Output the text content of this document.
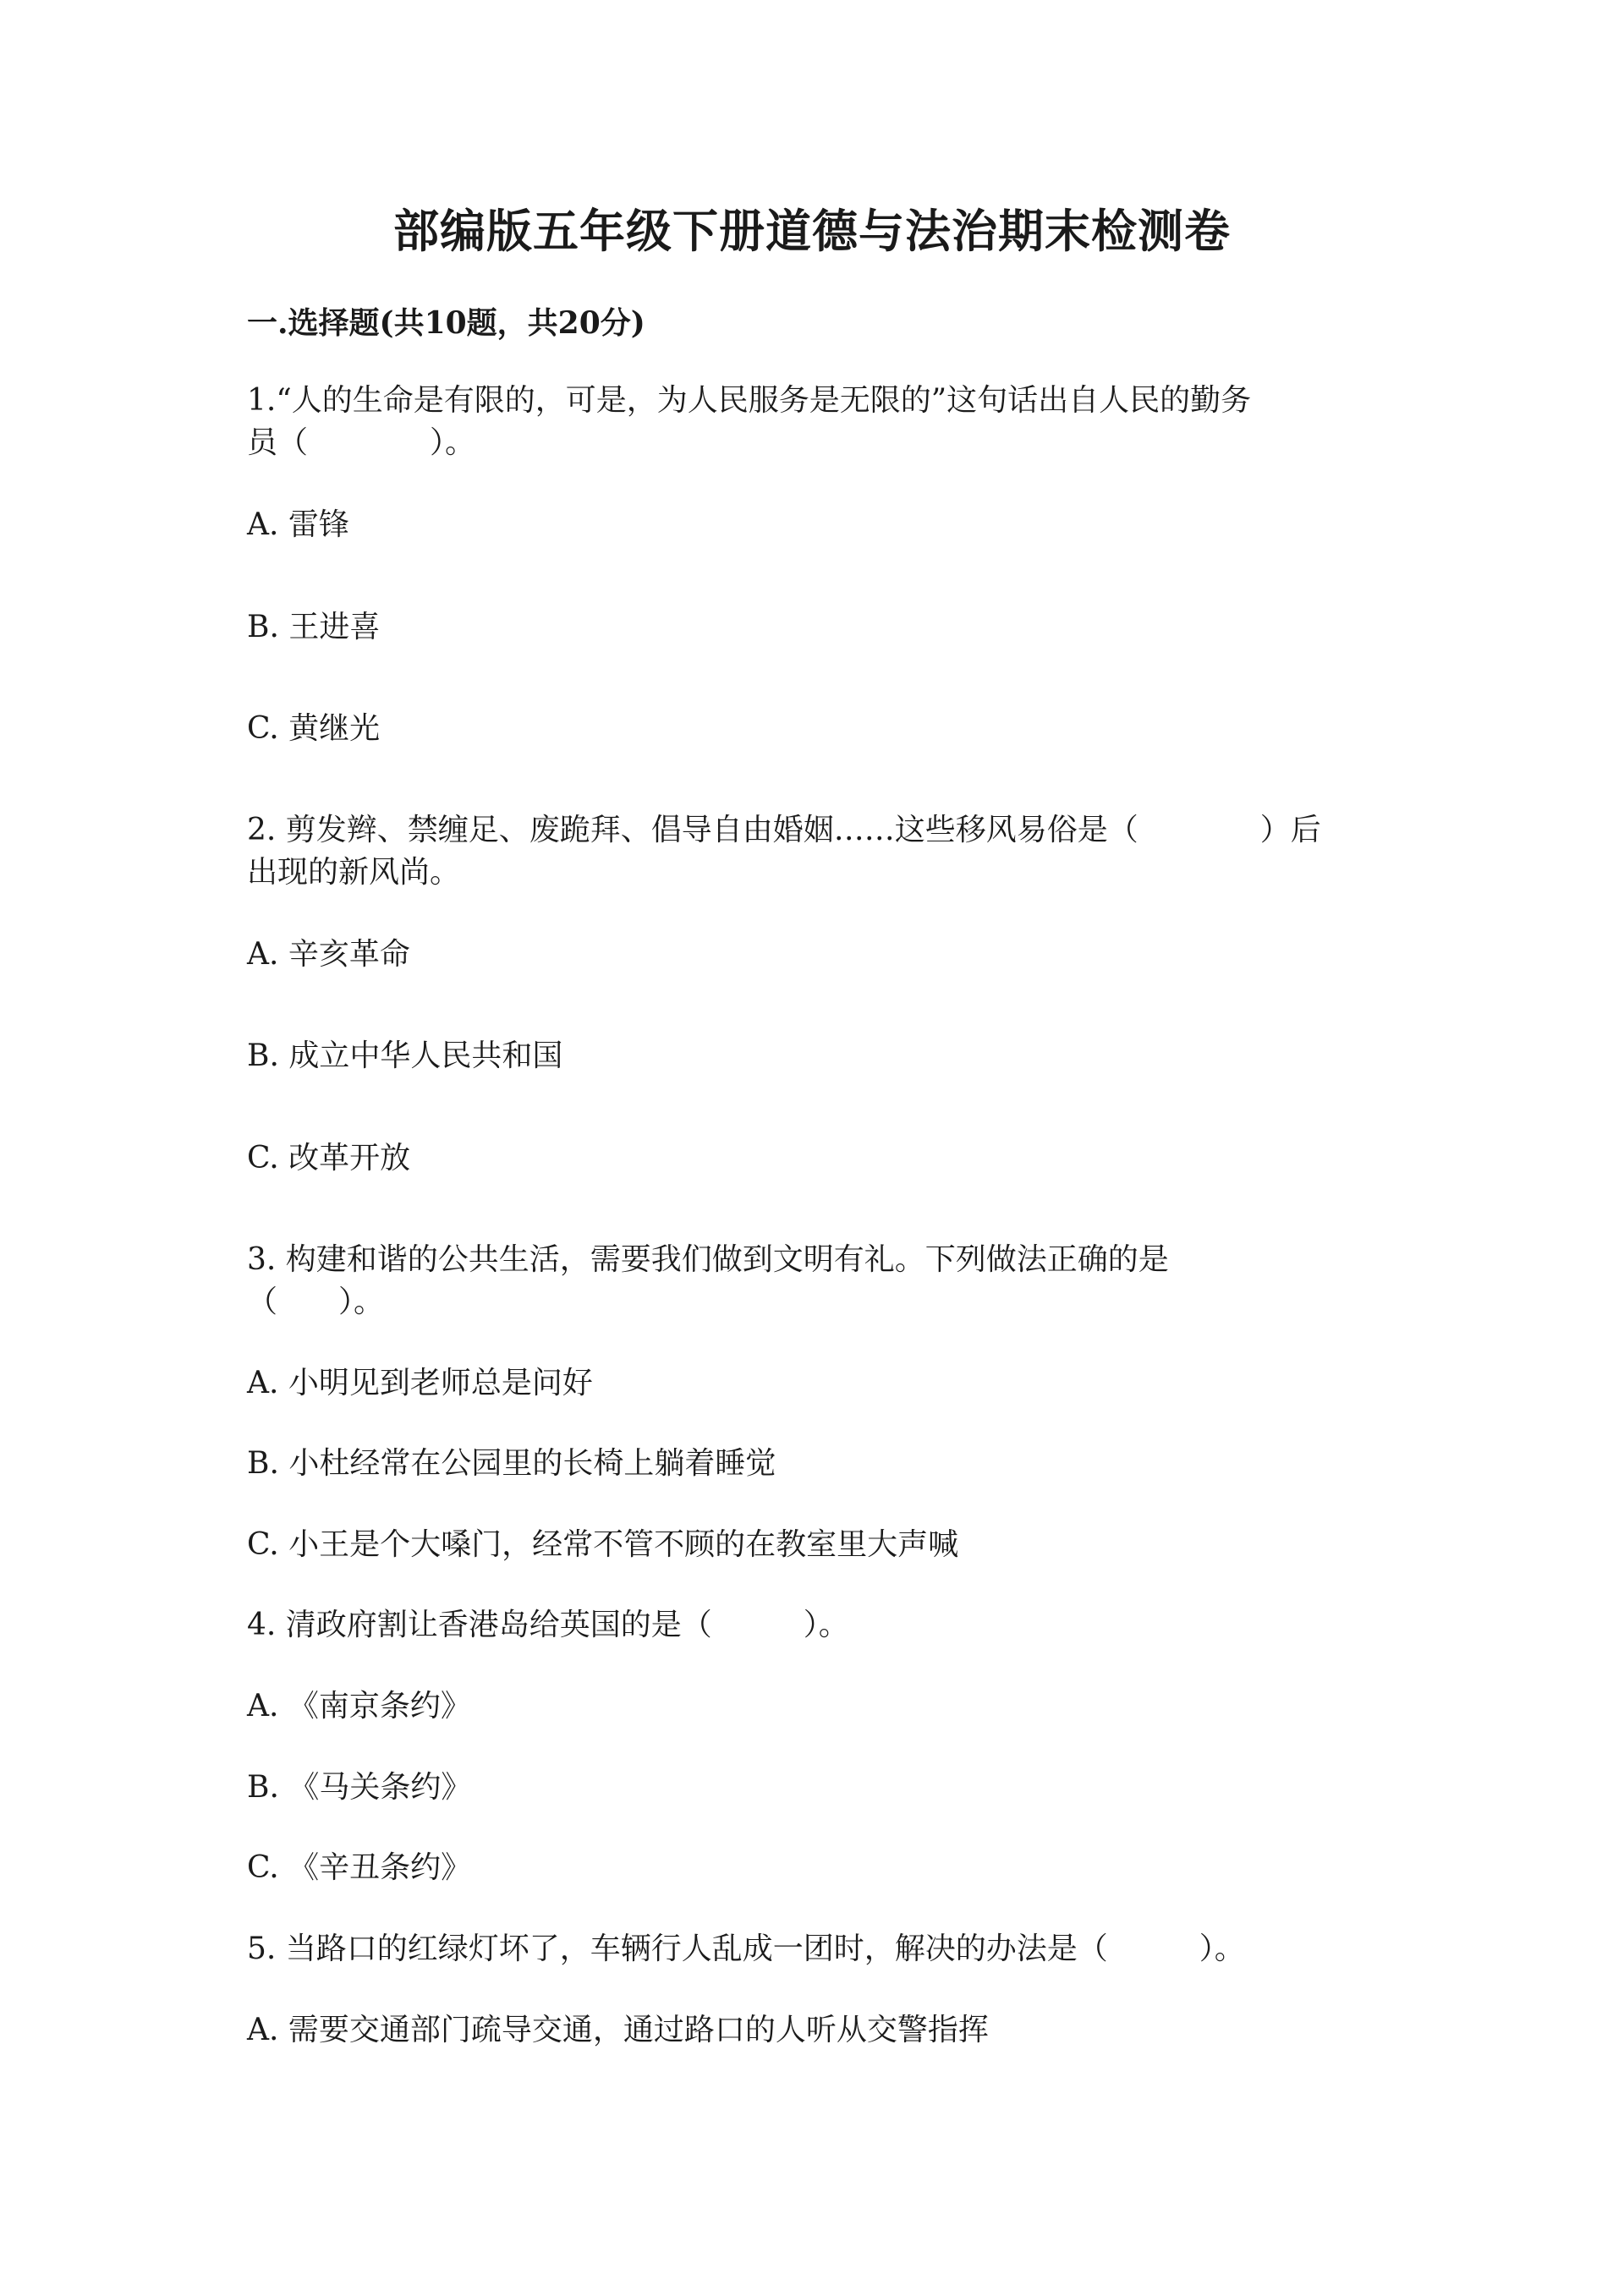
部编版五年级下册道德与法治期末检测卷
一.选择题(共10题，共20分)
1.“人的生命是有限的，可是，为人民服务是无限的”这句话出自人民的勤务
员（　　　　）。
A. 雷锋
B. 王进喜
C. 黄继光
2. 剪发辫、禁缠足、废跪拜、倡导自由婚姻……这些移风易俗是（　　　　）后
出现的新风尚。
A. 辛亥革命
B. 成立中华人民共和国
C. 改革开放
3. 构建和谐的公共生活，需要我们做到文明有礼。下列做法正确的是
（　　）。
A. 小明见到老师总是问好
B. 小杜经常在公园里的长椅上躺着睡觉
C. 小王是个大嗓门，经常不管不顾的在教室里大声喊
4. 清政府割让香港岛给英国的是（　　　）。
A. 《南京条约》
B. 《马关条约》
C. 《辛丑条约》
5. 当路口的红绿灯坏了，车辆行人乱成一团时，解决的办法是（　　　）。
A. 需要交通部门疏导交通，通过路口的人听从交警指挥
